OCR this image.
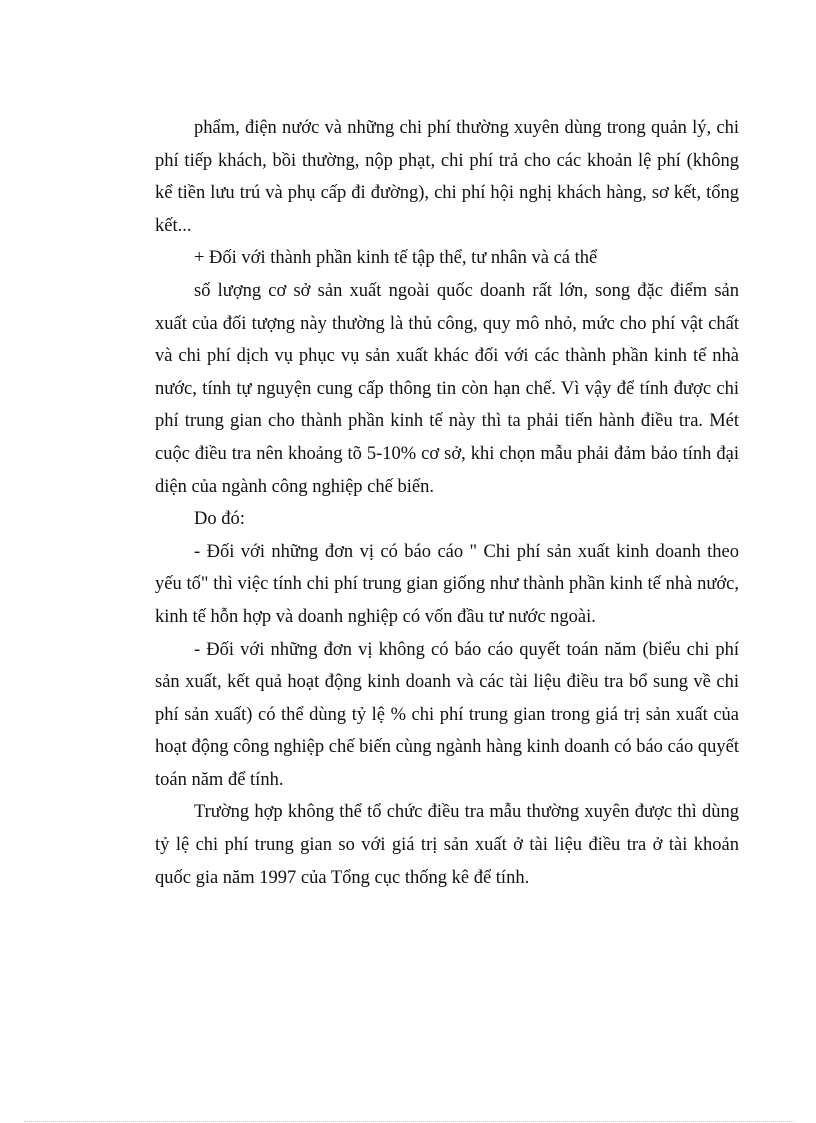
phẩm, điện nước và những chi phí thường xuyên dùng trong quản lý, chi phí tiếp khách, bồi thường, nộp phạt, chi phí trả cho các khoản lệ phí (không kể tiền lưu trú và phụ cấp đi đường), chi phí hội nghị khách hàng, sơ kết, tổng kết...

+ Đối với thành phần kinh tế tập thể, tư nhân và cá thể

số lượng cơ sở sản xuất ngoài quốc doanh rất lớn, song đặc điểm sản xuất của đối tượng này thường là thủ công, quy mô nhỏ, mức cho phí vật chất và chi phí dịch vụ phục vụ sản xuất khác đối với các thành phần kinh tế nhà nước, tính tự nguyện cung cấp thông tin còn hạn chế. Vì vậy để tính được chi phí trung gian cho thành phần kinh tế này thì ta phải tiến hành điều tra. Mét cuộc điều tra nên khoảng tõ 5-10% cơ sở, khi chọn mẫu phải đảm bảo tính đại diện của ngành công nghiệp chế biến.

Do đó:

- Đối với những đơn vị có báo cáo " Chi phí sản xuất kinh doanh theo yếu tố" thì việc tính chi phí trung gian giống như thành phần kinh tế nhà nước, kinh tế hỗn hợp và doanh nghiệp có vốn đầu tư nước ngoài.

- Đối với những đơn vị không có báo cáo quyết toán năm (biểu chi phí sản xuất, kết quả hoạt động kinh doanh và các tài liệu điều tra bổ sung về chi phí sản xuất) có thể dùng tỷ lệ % chi phí trung gian trong giá trị sản xuất của hoạt động công nghiệp chế biến cùng ngành hàng kinh doanh có báo cáo quyết toán năm để tính.

Trường hợp không thể tổ chức điều tra mẫu thường xuyên được thì dùng tỷ lệ chi phí trung gian so với giá trị sản xuất ở tài liệu điều tra ở tài khoản quốc gia năm 1997 của Tổng cục thống kê để tính.
